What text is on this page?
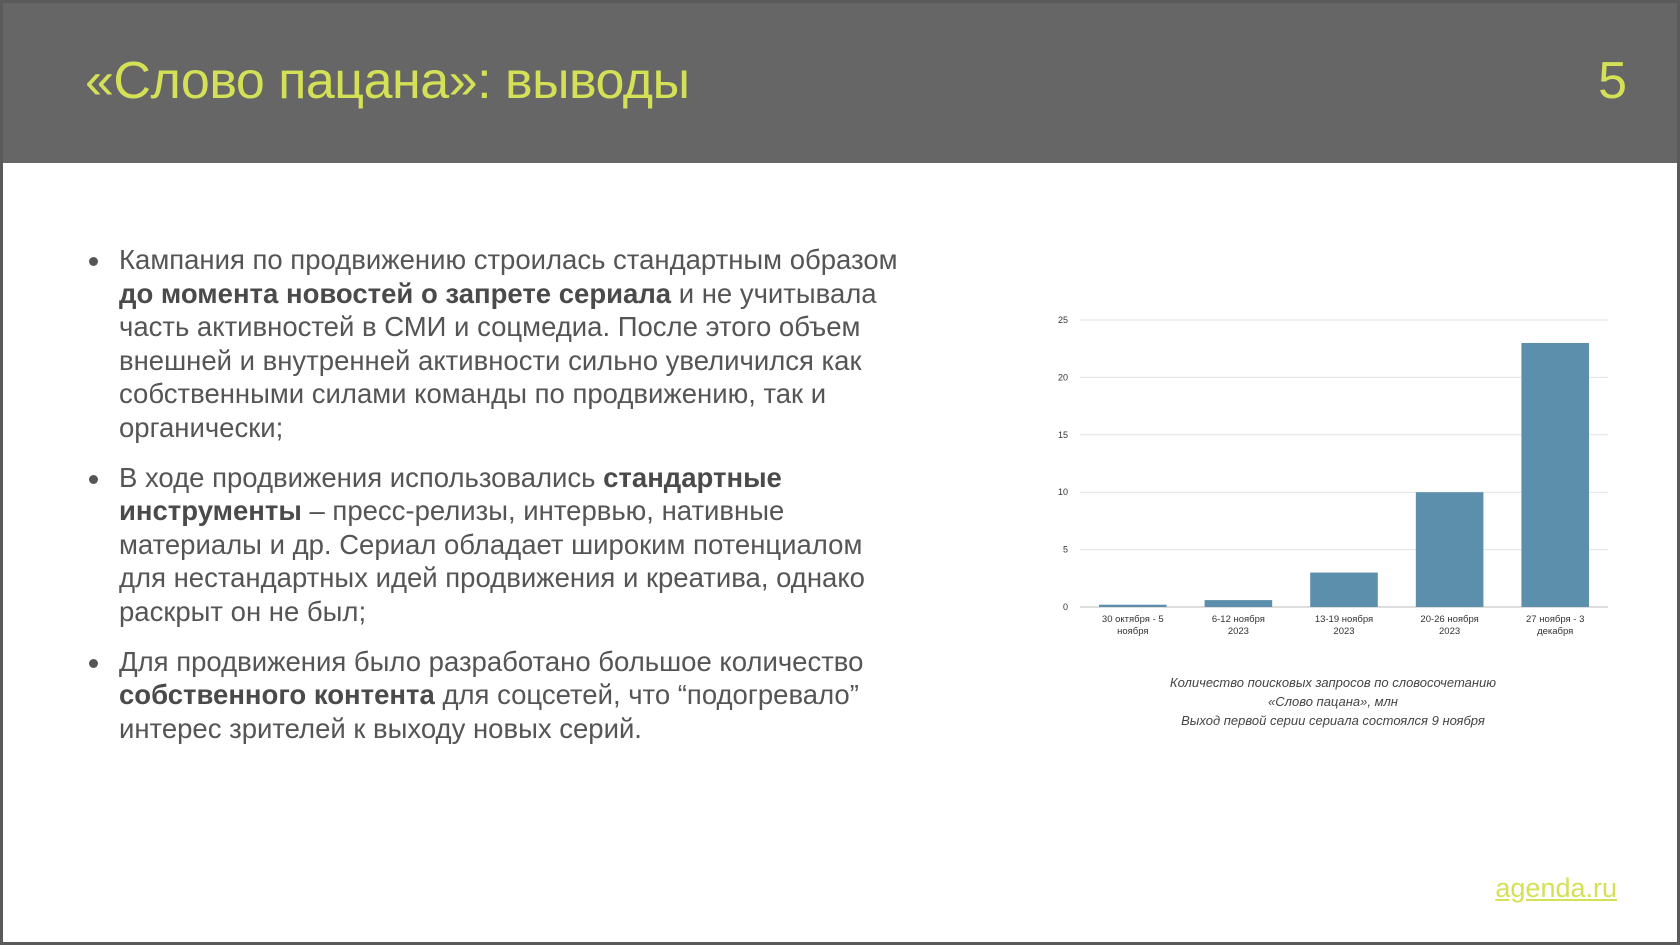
«Слово пацана»: выводы	5
Кампания по продвижению строилась стандартным образом до момента новостей о запрете сериала и не учитывала часть активностей в СМИ и соцмедиа. После этого объем внешней и внутренней активности сильно увеличился как собственными силами команды по продвижению, так и органически;
В ходе продвижения использовались стандартные инструменты – пресс-релизы, интервью, нативные материалы и др. Сериал обладает широким потенциалом для нестандартных идей продвижения и креатива, однако раскрыт он не был;
Для продвижения было разработано большое количество собственного контента для соцсетей, что “подогревало” интерес зрителей к выходу новых серий.
0
5
10
15
20
25
30 октября - 5
ноября
6-12 ноября
2023
13-19 ноября
2023
20-26 ноября
2023
27 ноября - 3
декабря
Количество поисковых запросов по словосочетанию
«Слово пацана», млн
Выход первой серии сериала состоялся 9 ноября
agenda.ru
